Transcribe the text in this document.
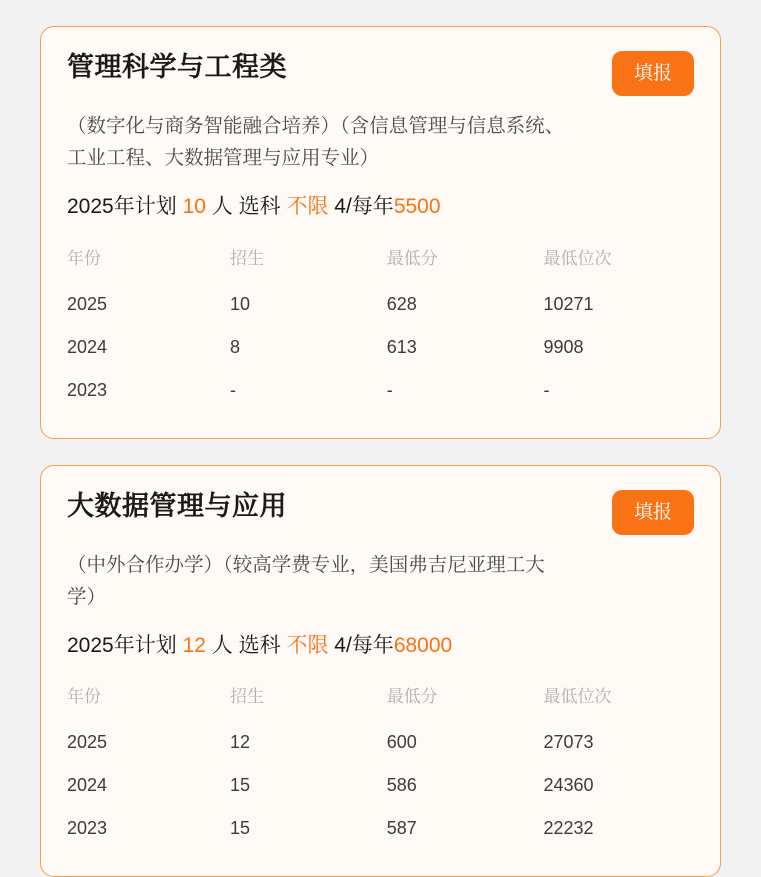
管理科学与工程类	填报
（数字化与商务智能融合培养）（含信息管理与信息系统、工业工程、大数据管理与应用专业）
2025年计划 10 人 选科 不限 4/每年5500
年份	招生	最低分	最低位次
2025	10	628	10271
2024	8	613	9908
2023	-	-	-
大数据管理与应用	填报
（中外合作办学）（较高学费专业，美国弗吉尼亚理工大学）
2025年计划 12 人 选科 不限 4/每年68000
年份	招生	最低分	最低位次
2025	12	600	27073
2024	15	586	24360
2023	15	587	22232
